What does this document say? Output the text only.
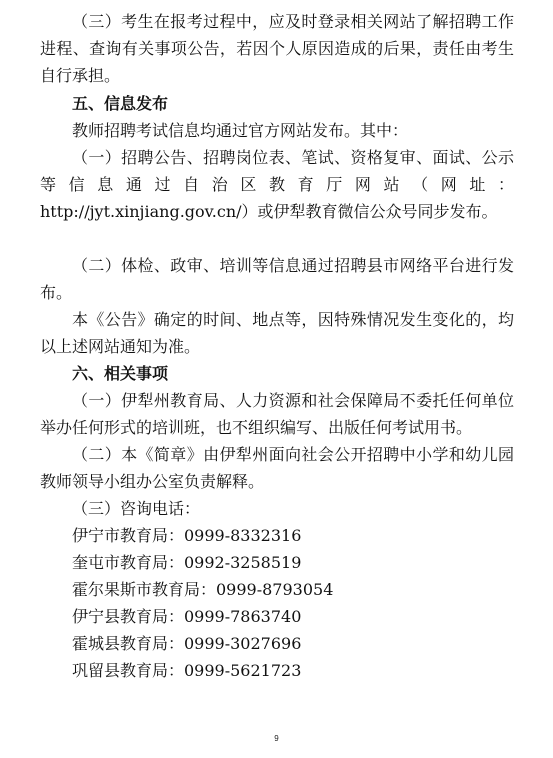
（三）考生在报考过程中，应及时登录相关网站了解招聘工作进程、查询有关事项公告，若因个人原因造成的后果，责任由考生自行承担。

五、信息发布

教师招聘考试信息均通过官方网站发布。其中：

（一）招聘公告、招聘岗位表、笔试、资格复审、面试、公示等信息通过自治区教育厅网站（网址：http://jyt.xinjiang.gov.cn/）或伊犁教育微信公众号同步发布。

（二）体检、政审、培训等信息通过招聘县市网络平台进行发布。

本《公告》确定的时间、地点等，因特殊情况发生变化的，均以上述网站通知为准。

六、相关事项

（一）伊犁州教育局、人力资源和社会保障局不委托任何单位举办任何形式的培训班，也不组织编写、出版任何考试用书。

（二）本《简章》由伊犁州面向社会公开招聘中小学和幼儿园教师领导小组办公室负责解释。

（三）咨询电话：

伊宁市教育局：0999-8332316
奎屯市教育局：0992-3258519
霍尔果斯市教育局：0999-8793054
伊宁县教育局：0999-7863740
霍城县教育局：0999-3027696
巩留县教育局：0999-5621723
9
